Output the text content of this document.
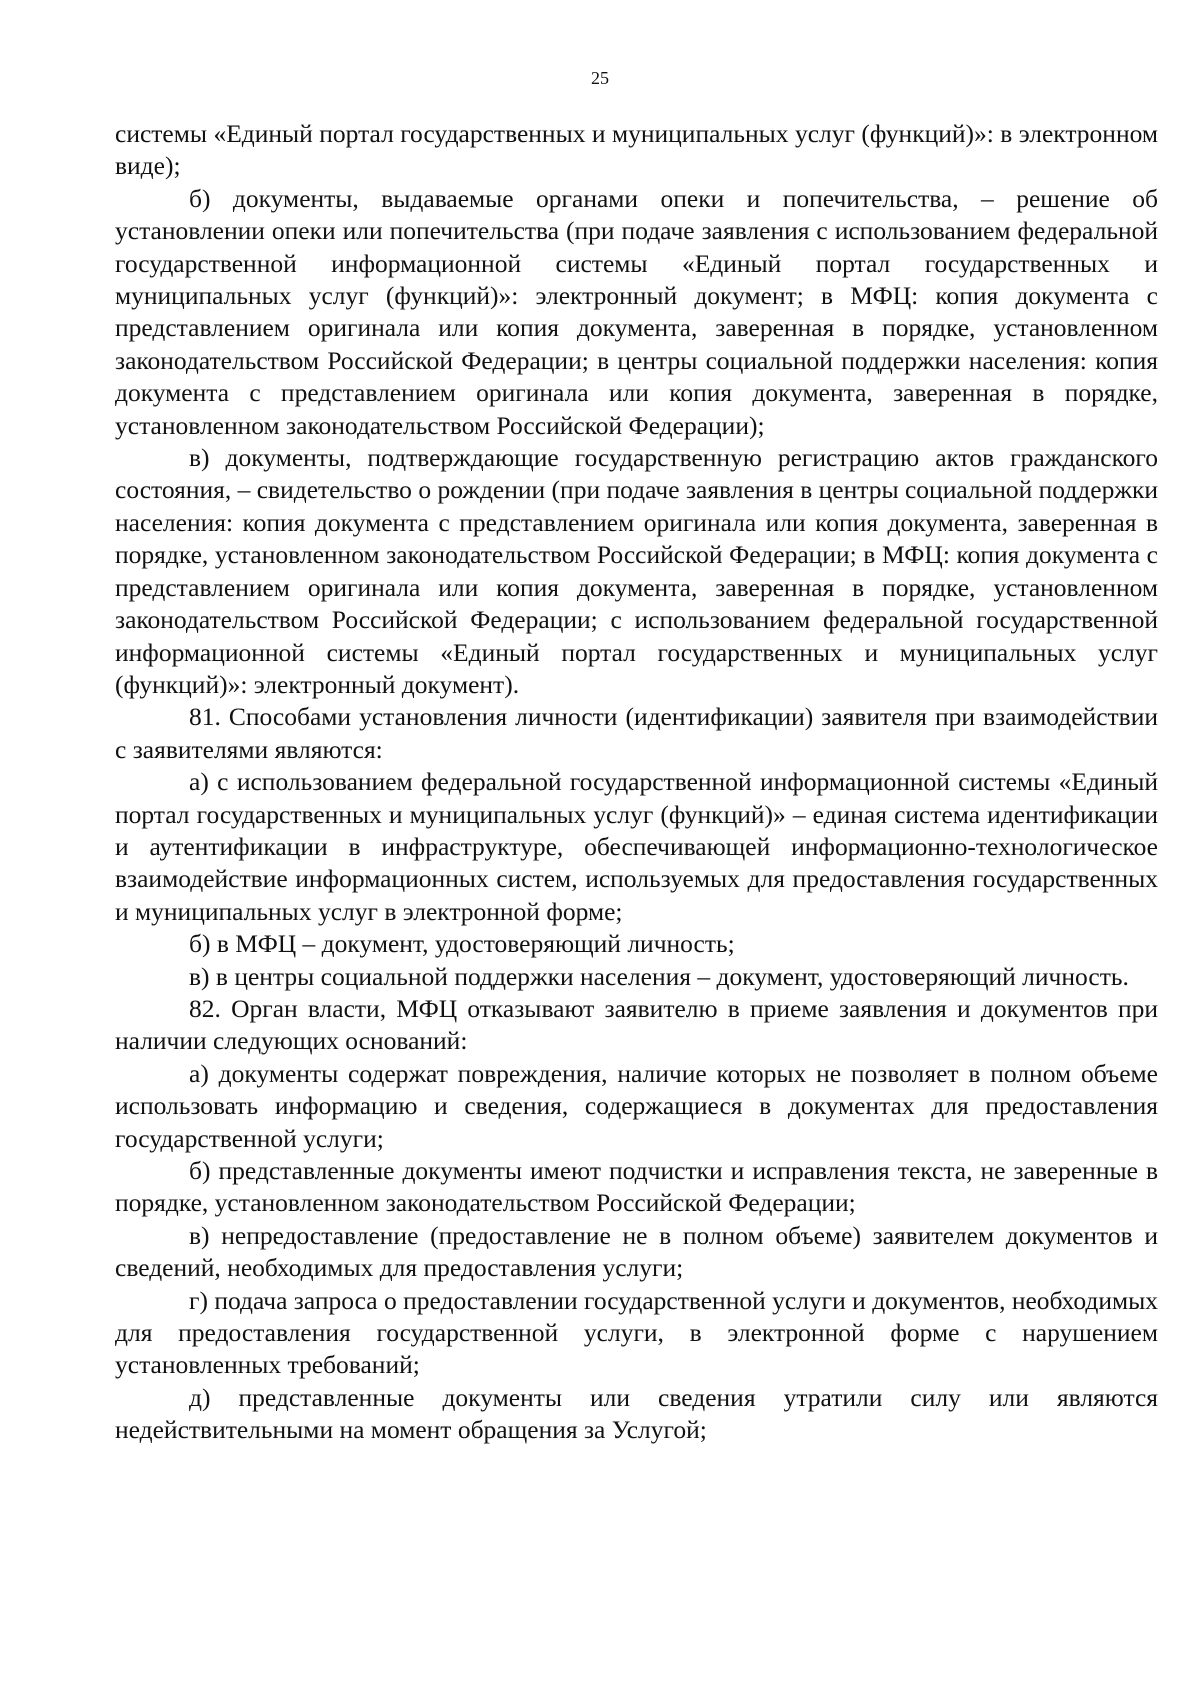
25

системы «Единый портал государственных и муниципальных услуг (функций)»: в электронном виде);

б) документы, выдаваемые органами опеки и попечительства, – решение об установлении опеки или попечительства (при подаче заявления с использованием федеральной государственной информационной системы «Единый портал государственных и муниципальных услуг (функций)»: электронный документ; в МФЦ: копия документа с представлением оригинала или копия документа, заверенная в порядке, установленном законодательством Российской Федерации; в центры социальной поддержки населения: копия документа с представлением оригинала или копия документа, заверенная в порядке, установленном законодательством Российской Федерации);

в) документы, подтверждающие государственную регистрацию актов гражданского состояния, – свидетельство о рождении (при подаче заявления в центры социальной поддержки населения: копия документа с представлением оригинала или копия документа, заверенная в порядке, установленном законодательством Российской Федерации; в МФЦ: копия документа с представлением оригинала или копия документа, заверенная в порядке, установленном законодательством Российской Федерации; с использованием федеральной государственной информационной системы «Единый портал государственных и муниципальных услуг (функций)»: электронный документ).

81. Способами установления личности (идентификации) заявителя при взаимодействии с заявителями являются:

а) с использованием федеральной государственной информационной системы «Единый портал государственных и муниципальных услуг (функций)» – единая система идентификации и аутентификации в инфраструктуре, обеспечивающей информационно-технологическое взаимодействие информационных систем, используемых для предоставления государственных и муниципальных услуг в электронной форме;

б) в МФЦ – документ, удостоверяющий личность;

в) в центры социальной поддержки населения – документ, удостоверяющий личность.

82. Орган власти, МФЦ отказывают заявителю в приеме заявления и документов при наличии следующих оснований:

а) документы содержат повреждения, наличие которых не позволяет в полном объеме использовать информацию и сведения, содержащиеся в документах для предоставления государственной услуги;

б) представленные документы имеют подчистки и исправления текста, не заверенные в порядке, установленном законодательством Российской Федерации;

в) непредоставление (предоставление не в полном объеме) заявителем документов и сведений, необходимых для предоставления услуги;

г) подача запроса о предоставлении государственной услуги и документов, необходимых для предоставления государственной услуги, в электронной форме с нарушением установленных требований;

д) представленные документы или сведения утратили силу или являются недействительными на момент обращения за Услугой;
